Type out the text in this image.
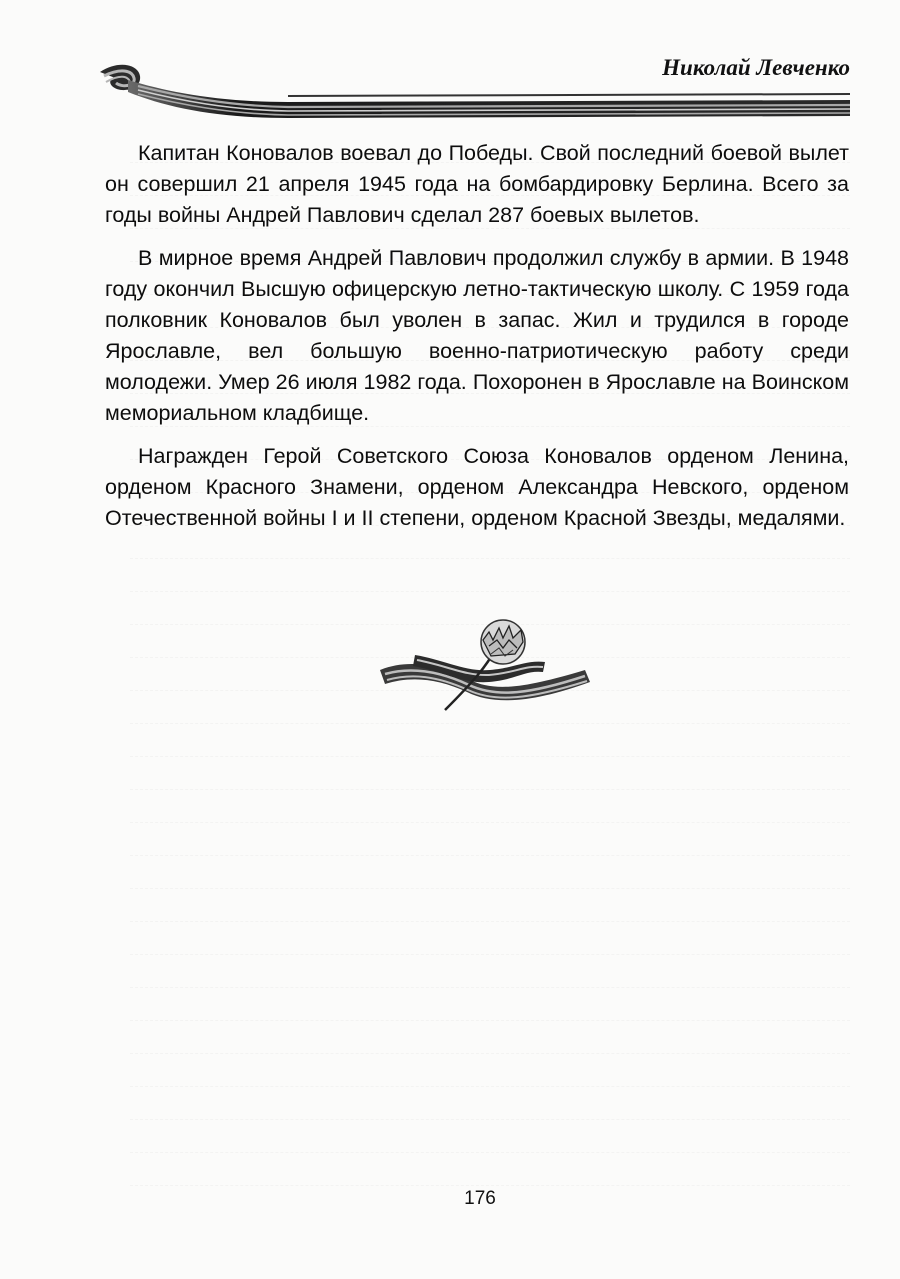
Николай Левченко

Капитан Коновалов воевал до Победы. Свой последний боевой вылет он совершил 21 апреля 1945 года на бомбардировку Берлина. Всего за годы войны Андрей Павлович сделал 287 боевых вылетов.

В мирное время Андрей Павлович продолжил службу в армии. В 1948 году окончил Высшую офицерскую летно-тактическую школу. С 1959 года полковник Коновалов был уволен в запас. Жил и трудился в городе Ярославле, вел большую военно-патриотическую работу среди молодежи. Умер 26 июля 1982 года. Похоронен в Ярославле на Воинском мемориальном кладбище.

Награжден Герой Советского Союза Коновалов орденом Ленина, орденом Красного Знамени, орденом Александра Невского, орденом Отечественной войны I и II степени, орденом Красной Звезды, медалями.

176
